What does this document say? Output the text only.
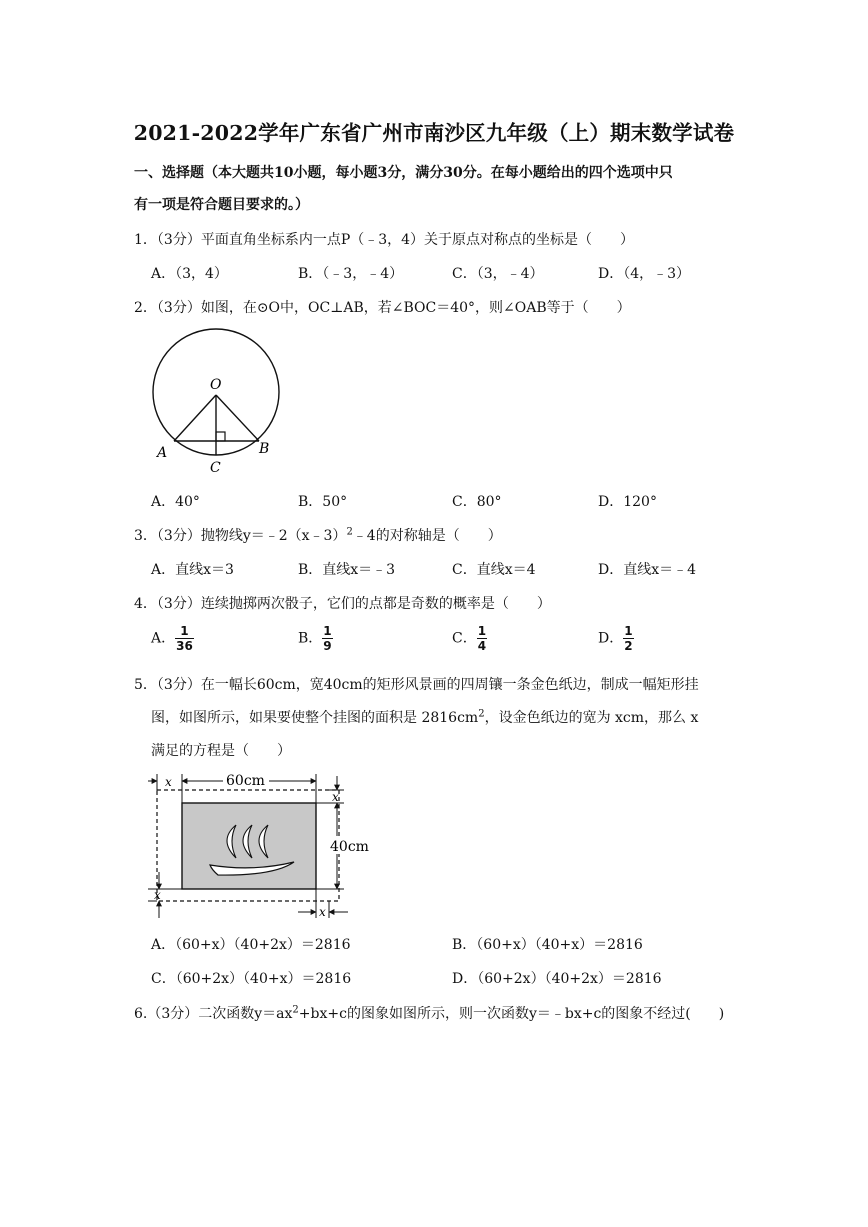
2021-2022学年广东省广州市南沙区九年级（上）期末数学试卷
一、选择题（本大题共10小题，每小题3分，满分30分。在每小题给出的四个选项中只
有一项是符合题目要求的。）
1．（3分）平面直角坐标系内一点P（﹣3，4）关于原点对称点的坐标是（　　）
A．（3，4）	B．（﹣3，﹣4）	C．（3，﹣4）	D．（4，﹣3）
2．（3分）如图，在⊙O中，OC⊥AB，若∠BOC＝40°，则∠OAB等于（　　）
O
A	B
C
A．40°	B．50°	C．80°	D．120°
3．（3分）抛物线y＝﹣2（x﹣3）$^2$﹣4的对称轴是（　　）
A．直线x＝3	B．直线x＝﹣3	C．直线x＝4	D．直线x＝﹣4
4．（3分）连续抛掷两次骰子，它们的点都是奇数的概率是（　　）
A． $\frac{1}{36}$	B． $\frac{1}{9}$	C． $\frac{1}{4}$	D． $\frac{1}{2}$
5．（3分）在一幅长60cm，宽40cm的矩形风景画的四周镶一条金色纸边，制成一幅矩形挂
图，如图所示，如果要使整个挂图的面积是 $2816cm^2$，设金色纸边的宽为 xcm，那么 x
满足的方程是（　　）
60cm
x
x
40cm
x
x
A．（60+x）（40+2x）＝2816	B．（60+x）（40+x）＝2816
C．（60+2x）（40+x）＝2816	D．（60+2x）（40+2x）＝2816
6.（3分）二次函数$y=ax^2+bx+c$的图象如图所示，则一次函数y＝﹣bx+c的图象不经过(　　)
